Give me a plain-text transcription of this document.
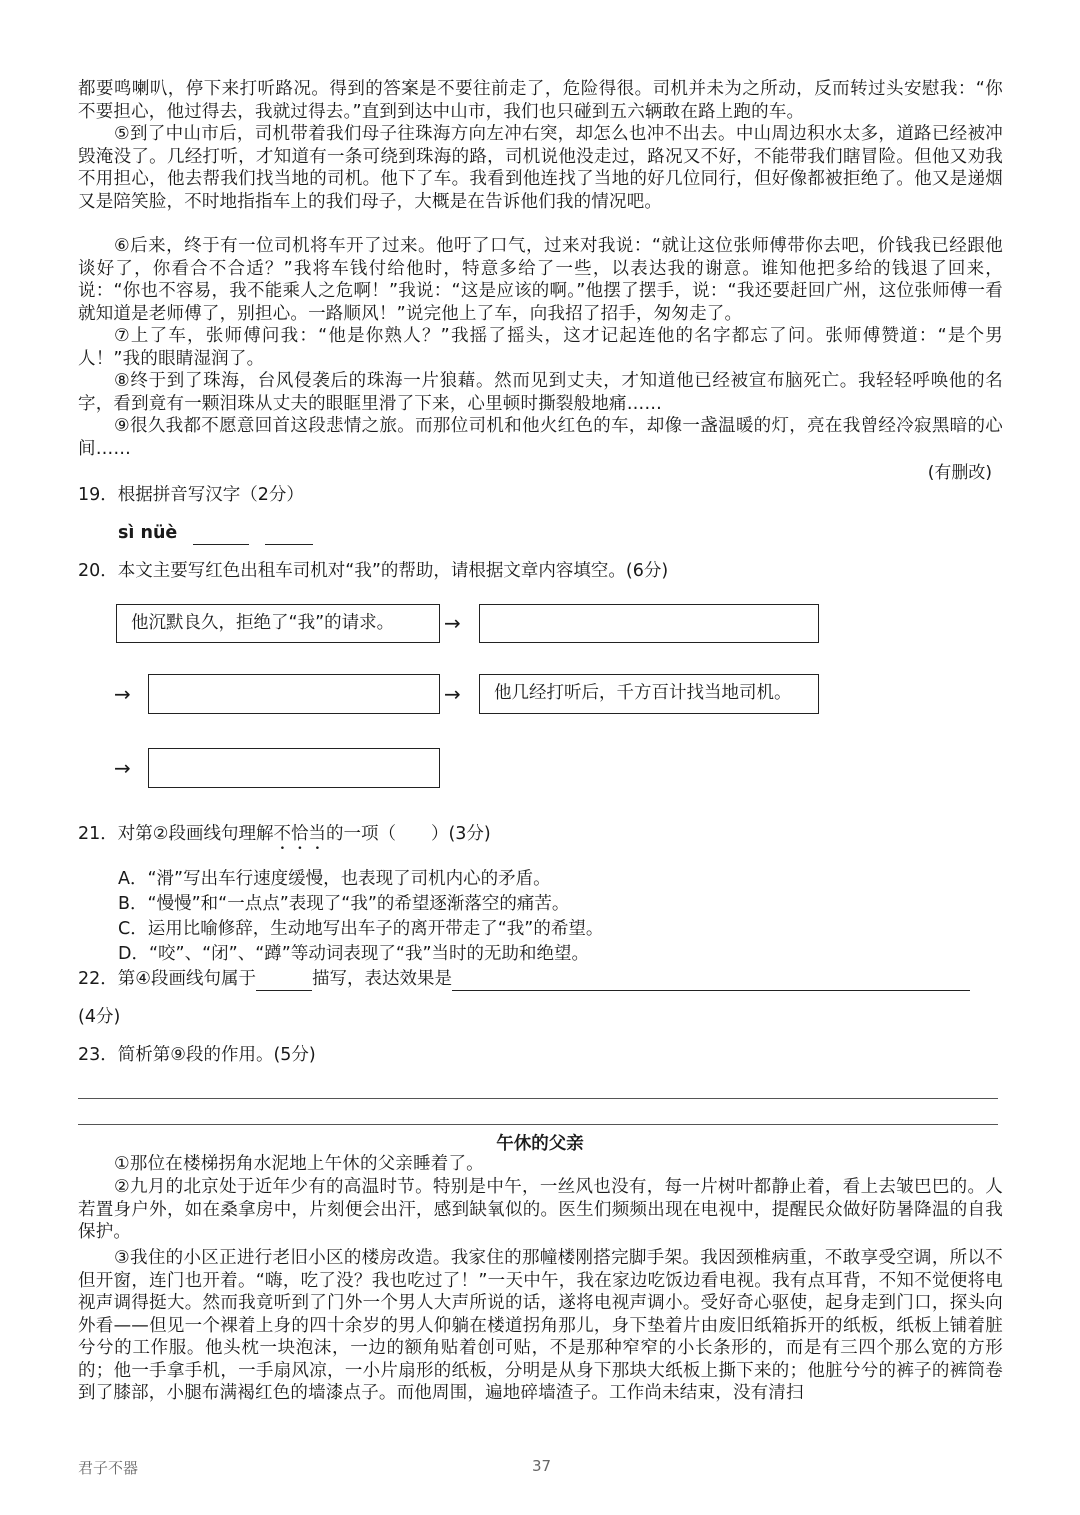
都要鸣喇叭，停下来打听路况。得到的答案是不要往前走了，危险得很。司机并未为之所动，反而转过头安慰我：“你不要担心，他过得去，我就过得去。”直到到达中山市，我们也只碰到五六辆敢在路上跑的车。

⑤到了中山市后，司机带着我们母子往珠海方向左冲右突，却怎么也冲不出去。中山周边积水太多，道路已经被冲毁淹没了。几经打听，才知道有一条可绕到珠海的路，司机说他没走过，路况又不好，不能带我们瞎冒险。但他又劝我不用担心，他去帮我们找当地的司机。他下了车。我看到他连找了当地的好几位同行，但好像都被拒绝了。他又是递烟又是陪笑脸，不时地指指车上的我们母子，大概是在告诉他们我的情况吧。

⑥后来，终于有一位司机将车开了过来。他吁了口气，过来对我说：“就让这位张师傅带你去吧，价钱我已经跟他谈好了，你看合不合适？”我将车钱付给他时，特意多给了一些，以表达我的谢意。谁知他把多给的钱退了回来，说：“你也不容易，我不能乘人之危啊！”我说：“这是应该的啊。”他摆了摆手，说：“我还要赶回广州，这位张师傅一看就知道是老师傅了，别担心。一路顺风！”说完他上了车，向我招了招手，匆匆走了。

⑦上了车，张师傅问我：“他是你熟人？”我摇了摇头，这才记起连他的名字都忘了问。张师傅赞道：“是个男人！”我的眼睛湿润了。

⑧终于到了珠海，台风侵袭后的珠海一片狼藉。然而见到丈夫，才知道他已经被宣布脑死亡。我轻轻呼唤他的名字，看到竟有一颗泪珠从丈夫的眼眶里滑了下来，心里顿时撕裂般地痛……

⑨很久我都不愿意回首这段悲情之旅。而那位司机和他火红色的车，却像一盏温暖的灯，亮在我曾经冷寂黑暗的心间……

(有删改)
19．根据拼音写汉字（2分）
sì nüè
20．本文主要写红色出租车司机对“我”的帮助，请根据文章内容填空。(6分)
他沉默良久，拒绝了“我”的请求。	→
→	→	他几经打听后，千方百计找当地司机。
→
21．对第②段画线句理解不恰当的一项（　　）(3分)
A．“滑”写出车行速度缓慢，也表现了司机内心的矛盾。
B．“慢慢”和“一点点”表现了“我”的希望逐渐落空的痛苦。
C．运用比喻修辞，生动地写出车子的离开带走了“我”的希望。
D．“咬”、“闭”、“蹲”等动词表现了“我”当时的无助和绝望。
22．第④段画线句属于	描写，表达效果是
(4分)
23．简析第⑨段的作用。(5分)
午休的父亲

①那位在楼梯拐角水泥地上午休的父亲睡着了。

②九月的北京处于近年少有的高温时节。特别是中午，一丝风也没有，每一片树叶都静止着，看上去皱巴巴的。人若置身户外，如在桑拿房中，片刻便会出汗，感到缺氧似的。医生们频频出现在电视中，提醒民众做好防暑降温的自我保护。

③我住的小区正进行老旧小区的楼房改造。我家住的那幢楼刚搭完脚手架。我因颈椎病重，不敢享受空调，所以不但开窗，连门也开着。“嗨，吃了没？我也吃过了！”一天中午，我在家边吃饭边看电视。我有点耳背，不知不觉便将电视声调得挺大。然而我竟听到了门外一个男人大声所说的话，遂将电视声调小。受好奇心驱使，起身走到门口，探头向外看——但见一个裸着上身的四十余岁的男人仰躺在楼道拐角那儿，身下垫着片由废旧纸箱拆开的纸板，纸板上铺着脏兮兮的工作服。他头枕一块泡沫，一边的额角贴着创可贴，不是那种窄窄的小长条形的，而是有三四个那么宽的方形的；他一手拿手机，一手扇风凉，一小片扇形的纸板，分明是从身下那块大纸板上撕下来的；他脏兮兮的裤子的裤筒卷到了膝部，小腿布满褐红色的墙漆点子。而他周围，遍地碎墙渣子。工作尚未结束，没有清扫

君子不器	37
